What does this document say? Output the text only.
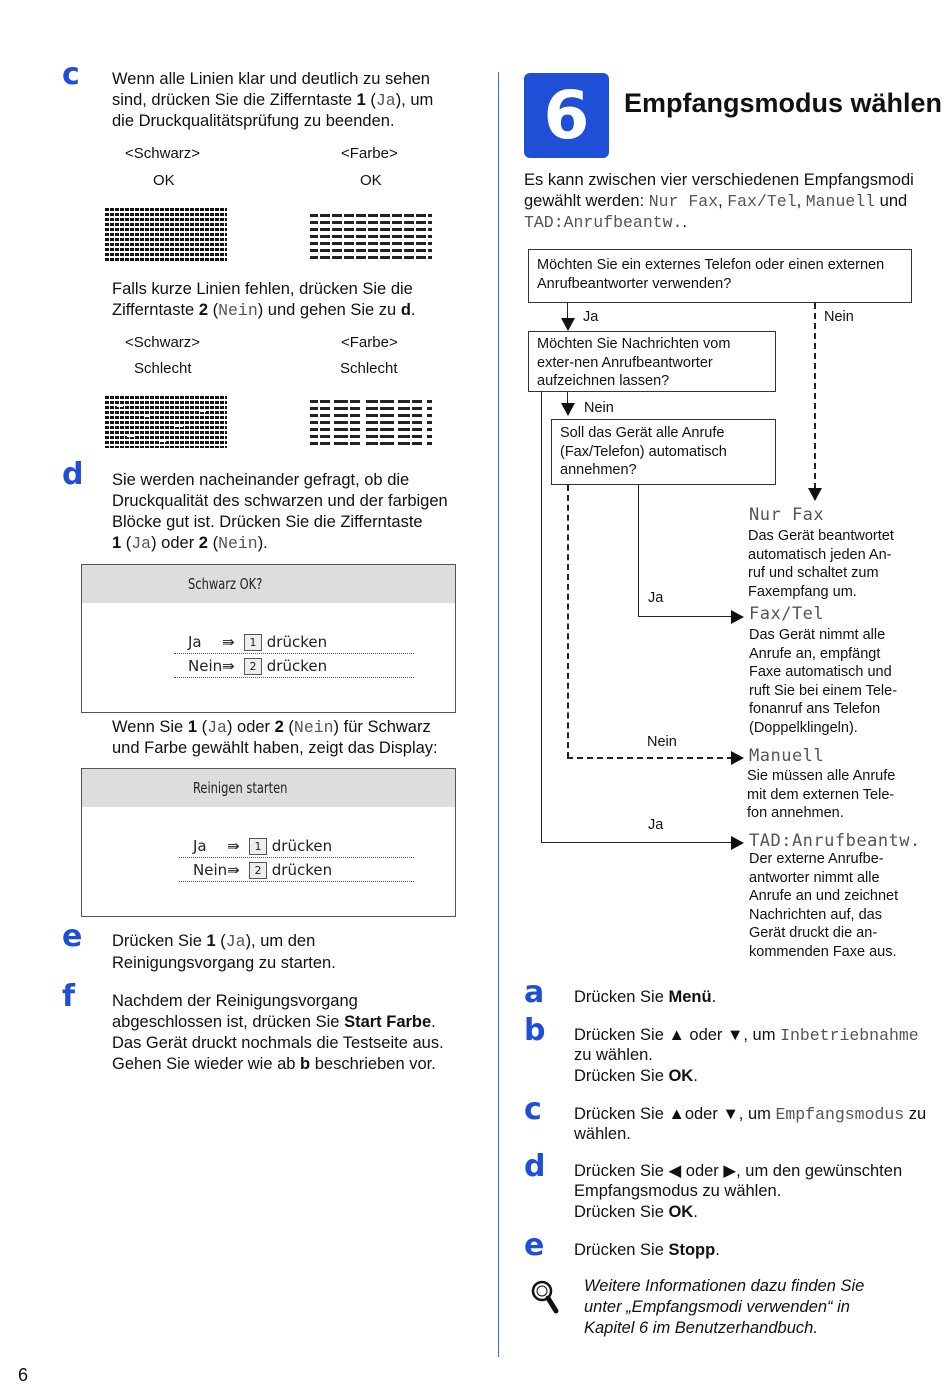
c Wenn alle Linien klar und deutlich zu sehen
sind, drücken Sie die Zifferntaste 1 (Ja), um
die Druckqualitätsprüfung zu beenden.
<Schwarz>	<Farbe>
OK	OK
Falls kurze Linien fehlen, drücken Sie die
Zifferntaste 2 (Nein) und gehen Sie zu d.
<Schwarz>	<Farbe>
Schlecht	Schlecht
d Sie werden nacheinander gefragt, ob die
Druckqualität des schwarzen und der farbigen
Blöcke gut ist. Drücken Sie die Zifferntaste
1 (Ja) oder 2 (Nein).
Schwarz OK?
Ja ⇛ 1 drücken
Nein⇛ 2 drücken
Wenn Sie 1 (Ja) oder 2 (Nein) für Schwarz
und Farbe gewählt haben, zeigt das Display:
Reinigen starten
Ja ⇛ 1 drücken
Nein⇛ 2 drücken
e Drücken Sie 1 (Ja), um den
Reinigungsvorgang zu starten.
f Nachdem der Reinigungsvorgang
abgeschlossen ist, drücken Sie Start Farbe.
Das Gerät druckt nochmals die Testseite aus.
Gehen Sie wieder wie ab b beschrieben vor.
6	Empfangsmodus wählen
Es kann zwischen vier verschiedenen Empfangsmodi
gewählt werden: Nur Fax, Fax/Tel, Manuell und
TAD:Anrufbeantw..
Möchten Sie ein externes Telefon oder einen externen Anrufbeantworter verwenden?
Ja	Nein
Möchten Sie Nachrichten vom exter-nen Anrufbeantworter aufzeichnen lassen?
Nein
Soll das Gerät alle Anrufe (Fax/Telefon) automatisch annehmen?
Ja
Nein
Ja
Nur Fax
Das Gerät beantwortet
automatisch jeden An-
ruf und schaltet zum
Faxempfang um.
Fax/Tel
Das Gerät nimmt alle
Anrufe an, empfängt
Faxe automatisch und
ruft Sie bei einem Tele-
fonanruf ans Telefon
(Doppelklingeln).
Manuell
Sie müssen alle Anrufe
mit dem externen Tele-
fon annehmen.
TAD:Anrufbeantw.
Der externe Anrufbe-
antworter nimmt alle
Anrufe an und zeichnet
Nachrichten auf, das
Gerät druckt die an-
kommenden Faxe aus.
a Drücken Sie Menü.
b Drücken Sie ▲ oder ▼, um Inbetriebnahme
zu wählen.
Drücken Sie OK.
c Drücken Sie ▲oder ▼, um Empfangsmodus zu
wählen.
d Drücken Sie ◀ oder ▶, um den gewünschten
Empfangsmodus zu wählen.
Drücken Sie OK.
e Drücken Sie Stopp.
Weitere Informationen dazu finden Sie
unter „Empfangsmodi verwenden“ in
Kapitel 6 im Benutzerhandbuch.
6
